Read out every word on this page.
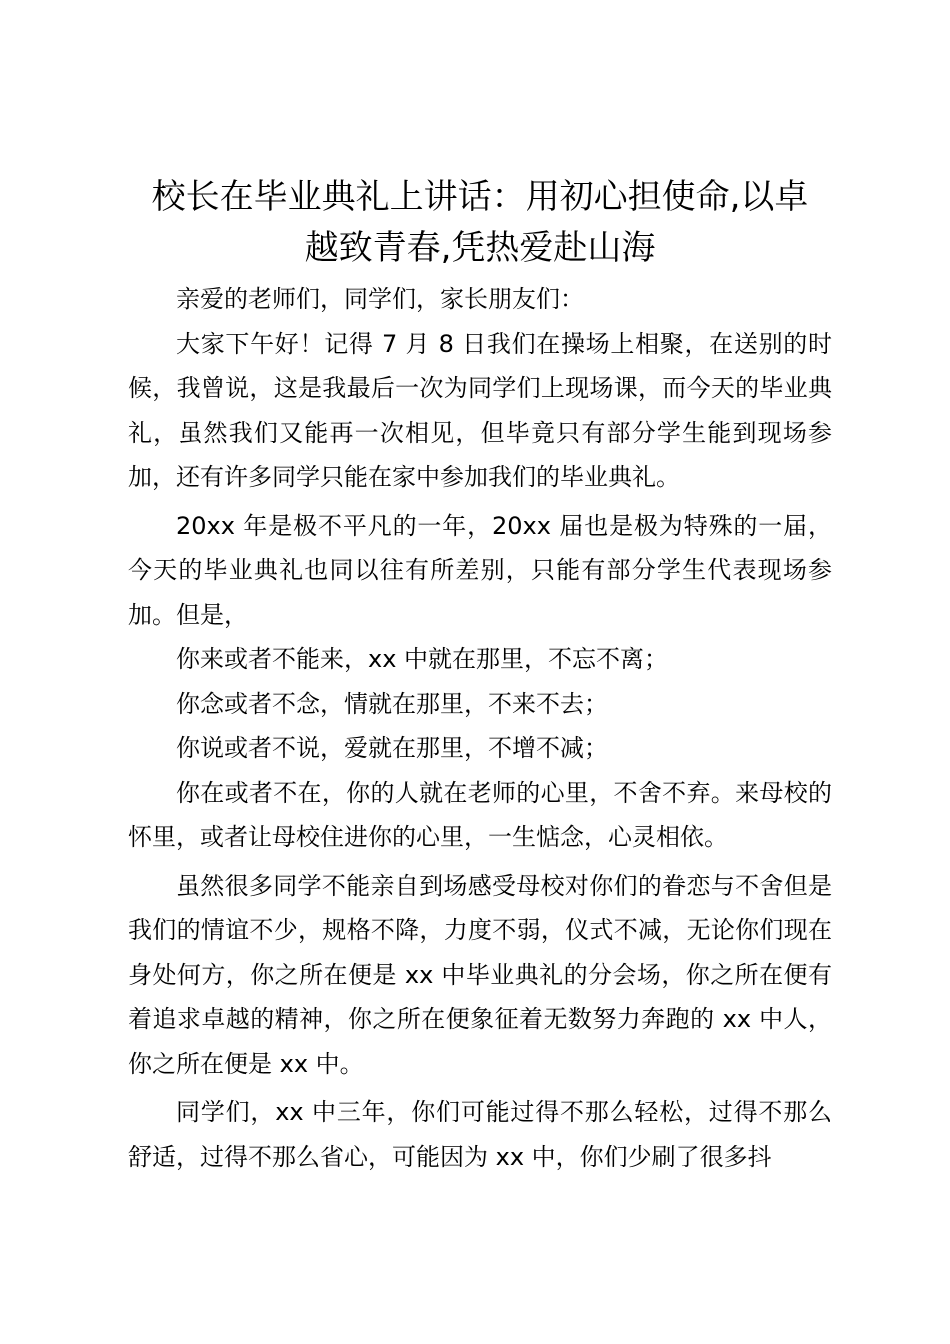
校长在毕业典礼上讲话：用初心担使命,以卓
越致青春,凭热爱赴山海

亲爱的老师们，同学们，家长朋友们：

大家下午好！记得 7 月 8 日我们在操场上相聚，在送别的时候，我曾说，这是我最后一次为同学们上现场课，而今天的毕业典礼，虽然我们又能再一次相见，但毕竟只有部分学生能到现场参加，还有许多同学只能在家中参加我们的毕业典礼。

20xx 年是极不平凡的一年，20xx 届也是极为特殊的一届，今天的毕业典礼也同以往有所差别，只能有部分学生代表现场参加。但是，

你来或者不能来，xx 中就在那里，不忘不离；

你念或者不念，情就在那里，不来不去；

你说或者不说，爱就在那里，不增不减；

你在或者不在，你的人就在老师的心里，不舍不弃。来母校的怀里，或者让母校住进你的心里，一生惦念，心灵相依。

虽然很多同学不能亲自到场感受母校对你们的眷恋与不舍但是我们的情谊不少，规格不降，力度不弱，仪式不减，无论你们现在身处何方，你之所在便是 xx 中毕业典礼的分会场，你之所在便有着追求卓越的精神，你之所在便象征着无数努力奔跑的 xx 中人，你之所在便是 xx 中。

同学们，xx 中三年，你们可能过得不那么轻松，过得不那么舒适，过得不那么省心，可能因为 xx 中，你们少刷了很多抖
